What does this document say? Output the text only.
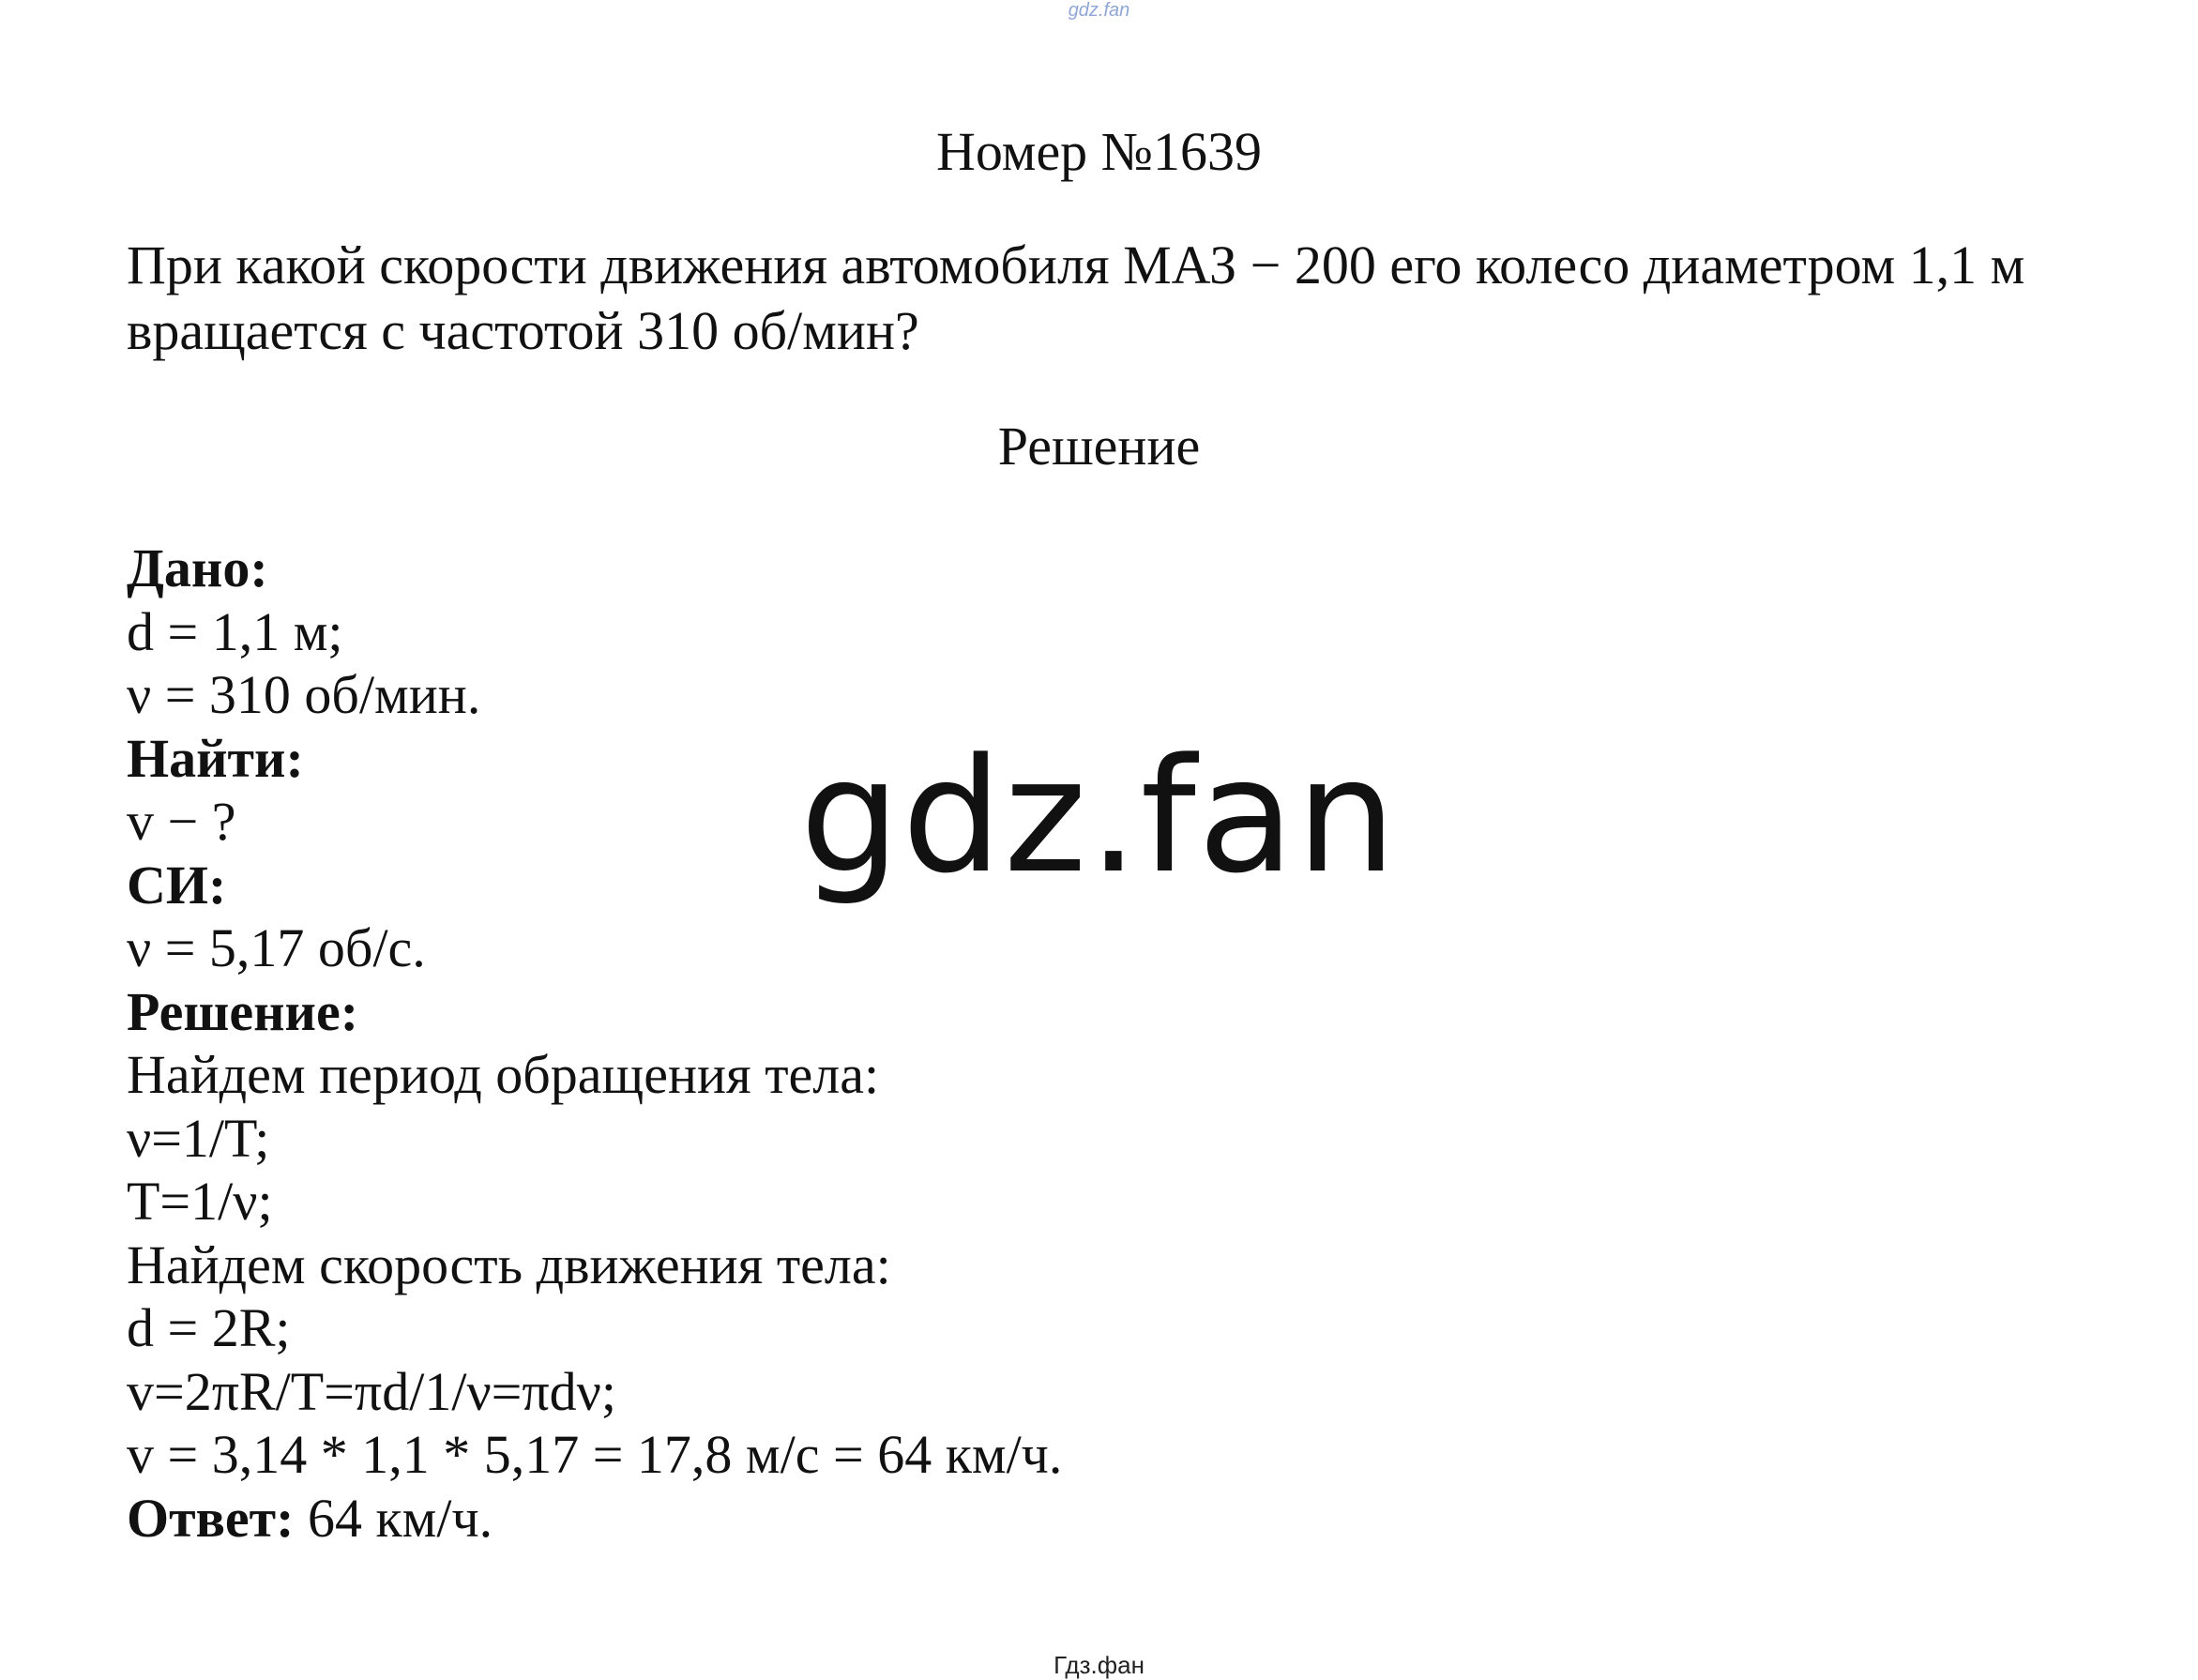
gdz.fan
Номер №1639
При какой скорости движения автомобиля МАЗ − 200 его колесо диаметром 1,1 м
вращается с частотой 310 об/мин?
Решение
Дано:
d = 1,1 м;
ν = 310 об/мин.
Найти:
v − ?
СИ:
ν = 5,17 об/с.
Решение:
Найдем период обращения тела:
ν=1/T;
T=1/ν;
Найдем скорость движения тела:
d = 2R;
v=2πR/T=πd/1/ν=πdν;
v = 3,14 * 1,1 * 5,17 = 17,8 м/с = 64 км/ч.
Ответ: 64 км/ч.
gdz.fan
Гдз.фан
